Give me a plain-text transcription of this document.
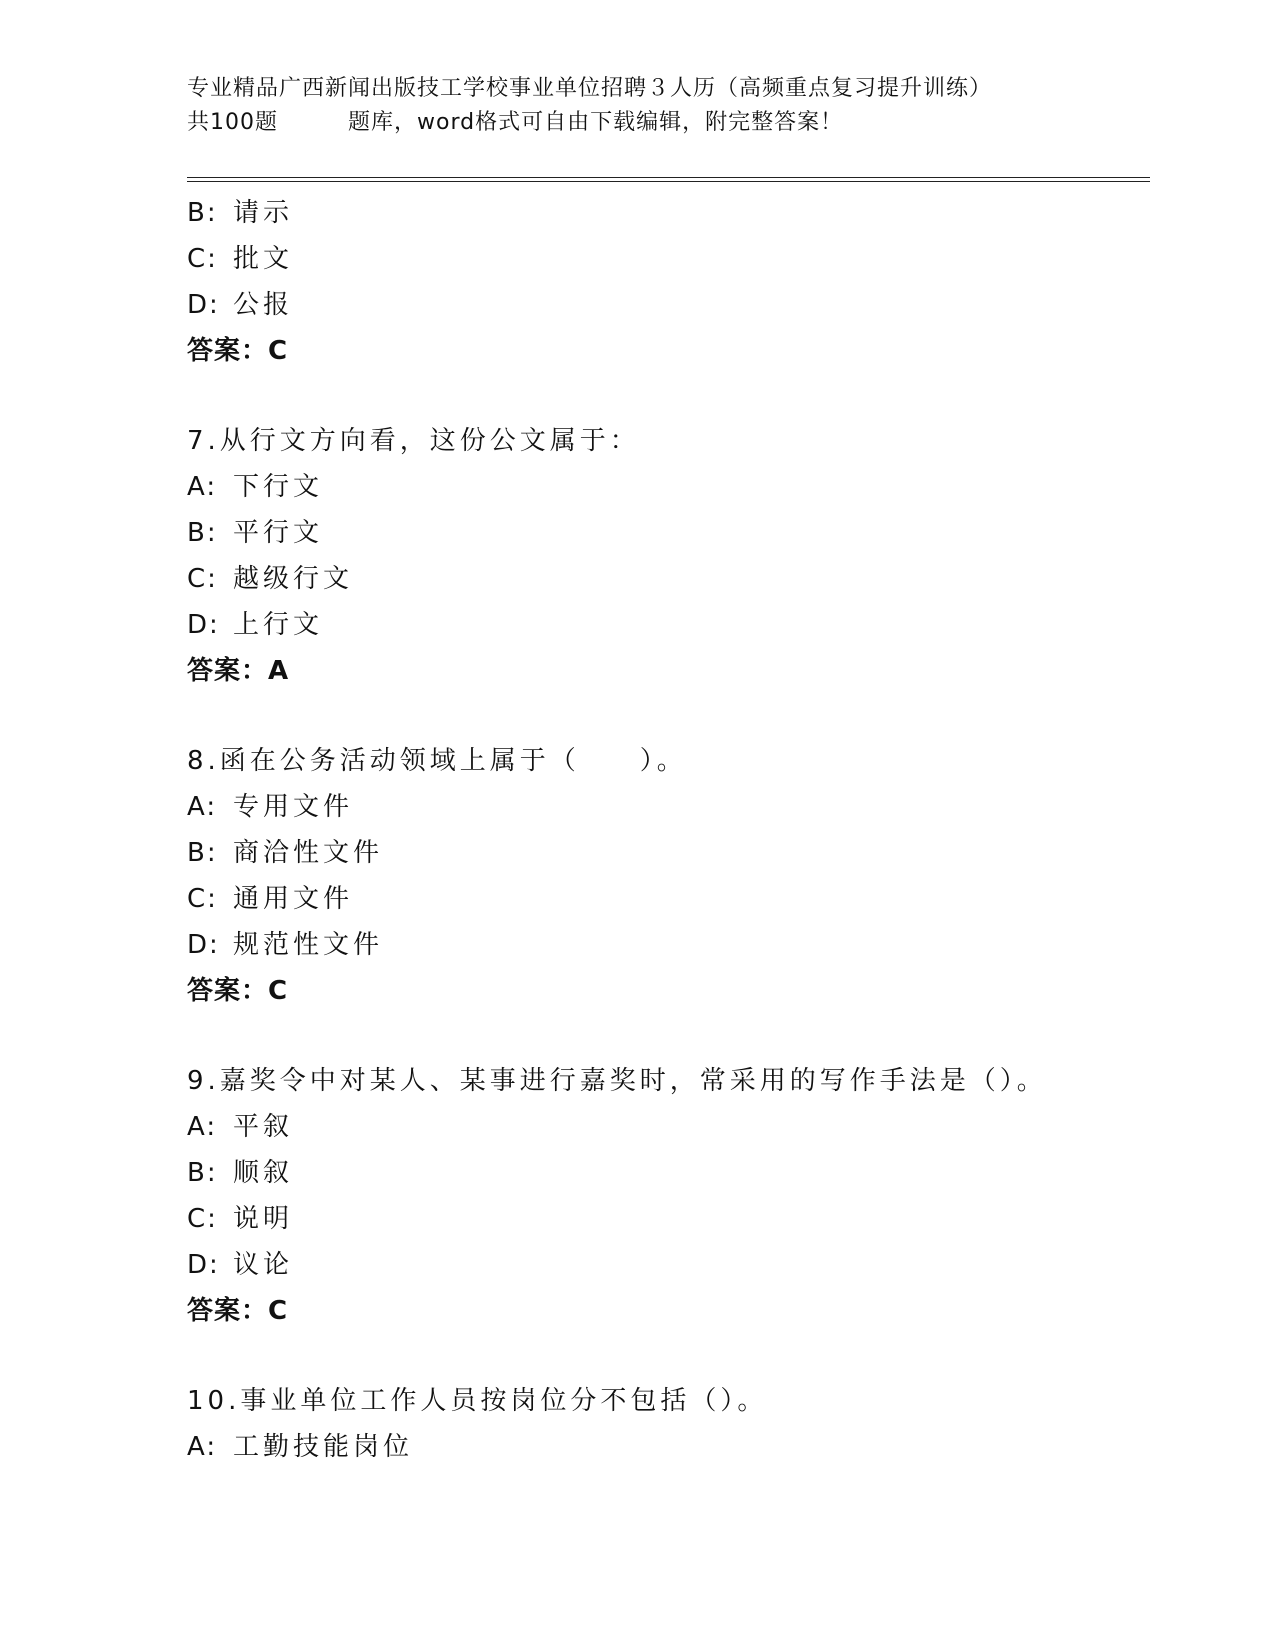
专业精品广西新闻出版技工学校事业单位招聘３人历（高频重点复习提升训练）
共100题	题库，word格式可自由下载编辑，附完整答案！
B: 请示
C: 批文
D: 公报
答案：C
7.从行文方向看，这份公文属于：
A: 下行文
B: 平行文
C: 越级行文
D: 上行文
答案：A
8.函在公务活动领域上属于（　　）。
A: 专用文件
B: 商洽性文件
C: 通用文件
D: 规范性文件
答案：C
9.嘉奖令中对某人、某事进行嘉奖时，常采用的写作手法是（）。
A: 平叙
B: 顺叙
C: 说明
D: 议论
答案：C
10.事业单位工作人员按岗位分不包括（）。
A: 工勤技能岗位
